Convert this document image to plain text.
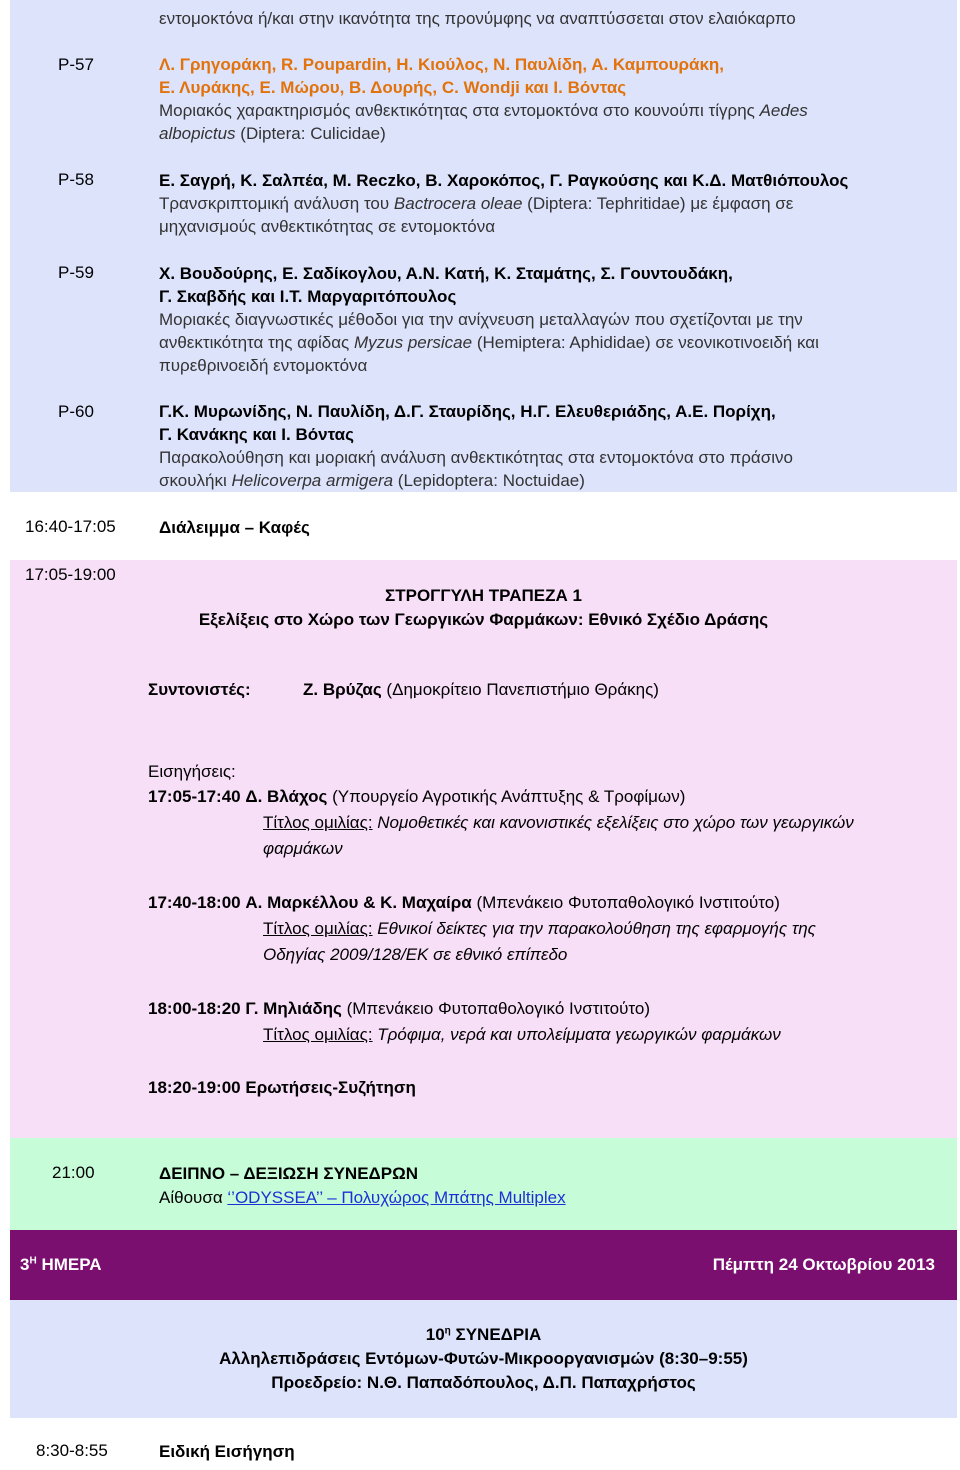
εντομοκτόνα ή/και στην ικανότητα της προνύμφης να αναπτύσσεται στον ελαιόκαρπο
P-57	Λ. Γρηγοράκη, R. Poupardin, Η. Κιούλος, Ν. Παυλίδη, Α. Καμπουράκη,
Ε. Λυράκης, Ε. Μώρου, Β. Δουρής, C. Wondji και Ι. Βόντας
Μοριακός χαρακτηρισμός ανθεκτικότητας στα εντομοκτόνα στο κουνούπι τίγρης Aedes
albopictus (Diptera: Culicidae)
P-58	Ε. Σαγρή, Κ. Σαλπέα, M. Reczko, Β. Χαροκόπος, Γ. Ραγκούσης και Κ.Δ. Ματθιόπουλος
Τρανσκριπτομική ανάλυση του Bactrocera oleae (Diptera: Tephritidae) με έμφαση σε
μηχανισμούς ανθεκτικότητας σε εντομοκτόνα
P-59	Χ. Βουδούρης, Ε. Σαδίκογλου, Α.Ν. Κατή, Κ. Σταμάτης, Σ. Γουντουδάκη,
Γ. Σκαβδής και Ι.Τ. Μαργαριτόπουλος
Μοριακές διαγνωστικές μέθοδοι για την ανίχνευση μεταλλαγών που σχετίζονται με την
ανθεκτικότητα της αφίδας Myzus persicae (Hemiptera: Aphididae) σε νεονικοτινοειδή και
πυρεθρινοειδή εντομοκτόνα
P-60	Γ.Κ. Μυρωνίδης, Ν. Παυλίδη, Δ.Γ. Σταυρίδης, Η.Γ. Ελευθεριάδης, Α.Ε. Πορίχη,
Γ. Κανάκης και Ι. Βόντας
Παρακολούθηση και μοριακή ανάλυση ανθεκτικότητας στα εντομοκτόνα στο πράσινο
σκουλήκι Helicoverpa armigera (Lepidoptera: Noctuidae)
16:40-17:05	Διάλειμμα – Καφές
17:05-19:00
ΣΤΡΟΓΓΥΛΗ ΤΡΑΠΕΖΑ 1
Εξελίξεις στο Χώρο των Γεωργικών Φαρμάκων: Εθνικό Σχέδιο Δράσης
Συντονιστές:	Ζ. Βρύζας (Δημοκρίτειο Πανεπιστήμιο Θράκης)
Εισηγήσεις:
17:05-17:40 Δ. Βλάχος (Υπουργείο Αγροτικής Ανάπτυξης & Τροφίμων)
Τίτλος ομιλίας: Νομοθετικές και κανονιστικές εξελίξεις στο χώρο των γεωργικών
φαρμάκων
17:40-18:00 Α. Μαρκέλλου & Κ. Μαχαίρα (Μπενάκειο Φυτοπαθολογικό Ινστιτούτο)
Τίτλος ομιλίας: Εθνικοί δείκτες για την παρακολούθηση της εφαρμογής της
Οδηγίας 2009/128/ΕΚ σε εθνικό επίπεδο
18:00-18:20 Γ. Μηλιάδης (Μπενάκειο Φυτοπαθολογικό Ινστιτούτο)
Τίτλος ομιλίας: Τρόφιμα, νερά και υπολείμματα γεωργικών φαρμάκων
18:20-19:00 Ερωτήσεις-Συζήτηση
21:00	ΔΕΙΠΝΟ – ΔΕΞΙΩΣΗ ΣΥΝΕΔΡΩΝ
Αίθουσα ‘’ODYSSEA’’ – Πολυχώρος Μπάτης Multiplex
$3^H$ ΗΜΕΡΑ	Πέμπτη 24 Οκτωβρίου 2013
$10^\eta$ ΣΥΝΕΔΡΙΑ
Αλληλεπιδράσεις Εντόμων-Φυτών-Μικροοργανισμών (8:30–9:55)
Προεδρείο: Ν.Θ. Παπαδόπουλος, Δ.Π. Παπαχρήστος
8:30-8:55	Ειδική Εισήγηση
